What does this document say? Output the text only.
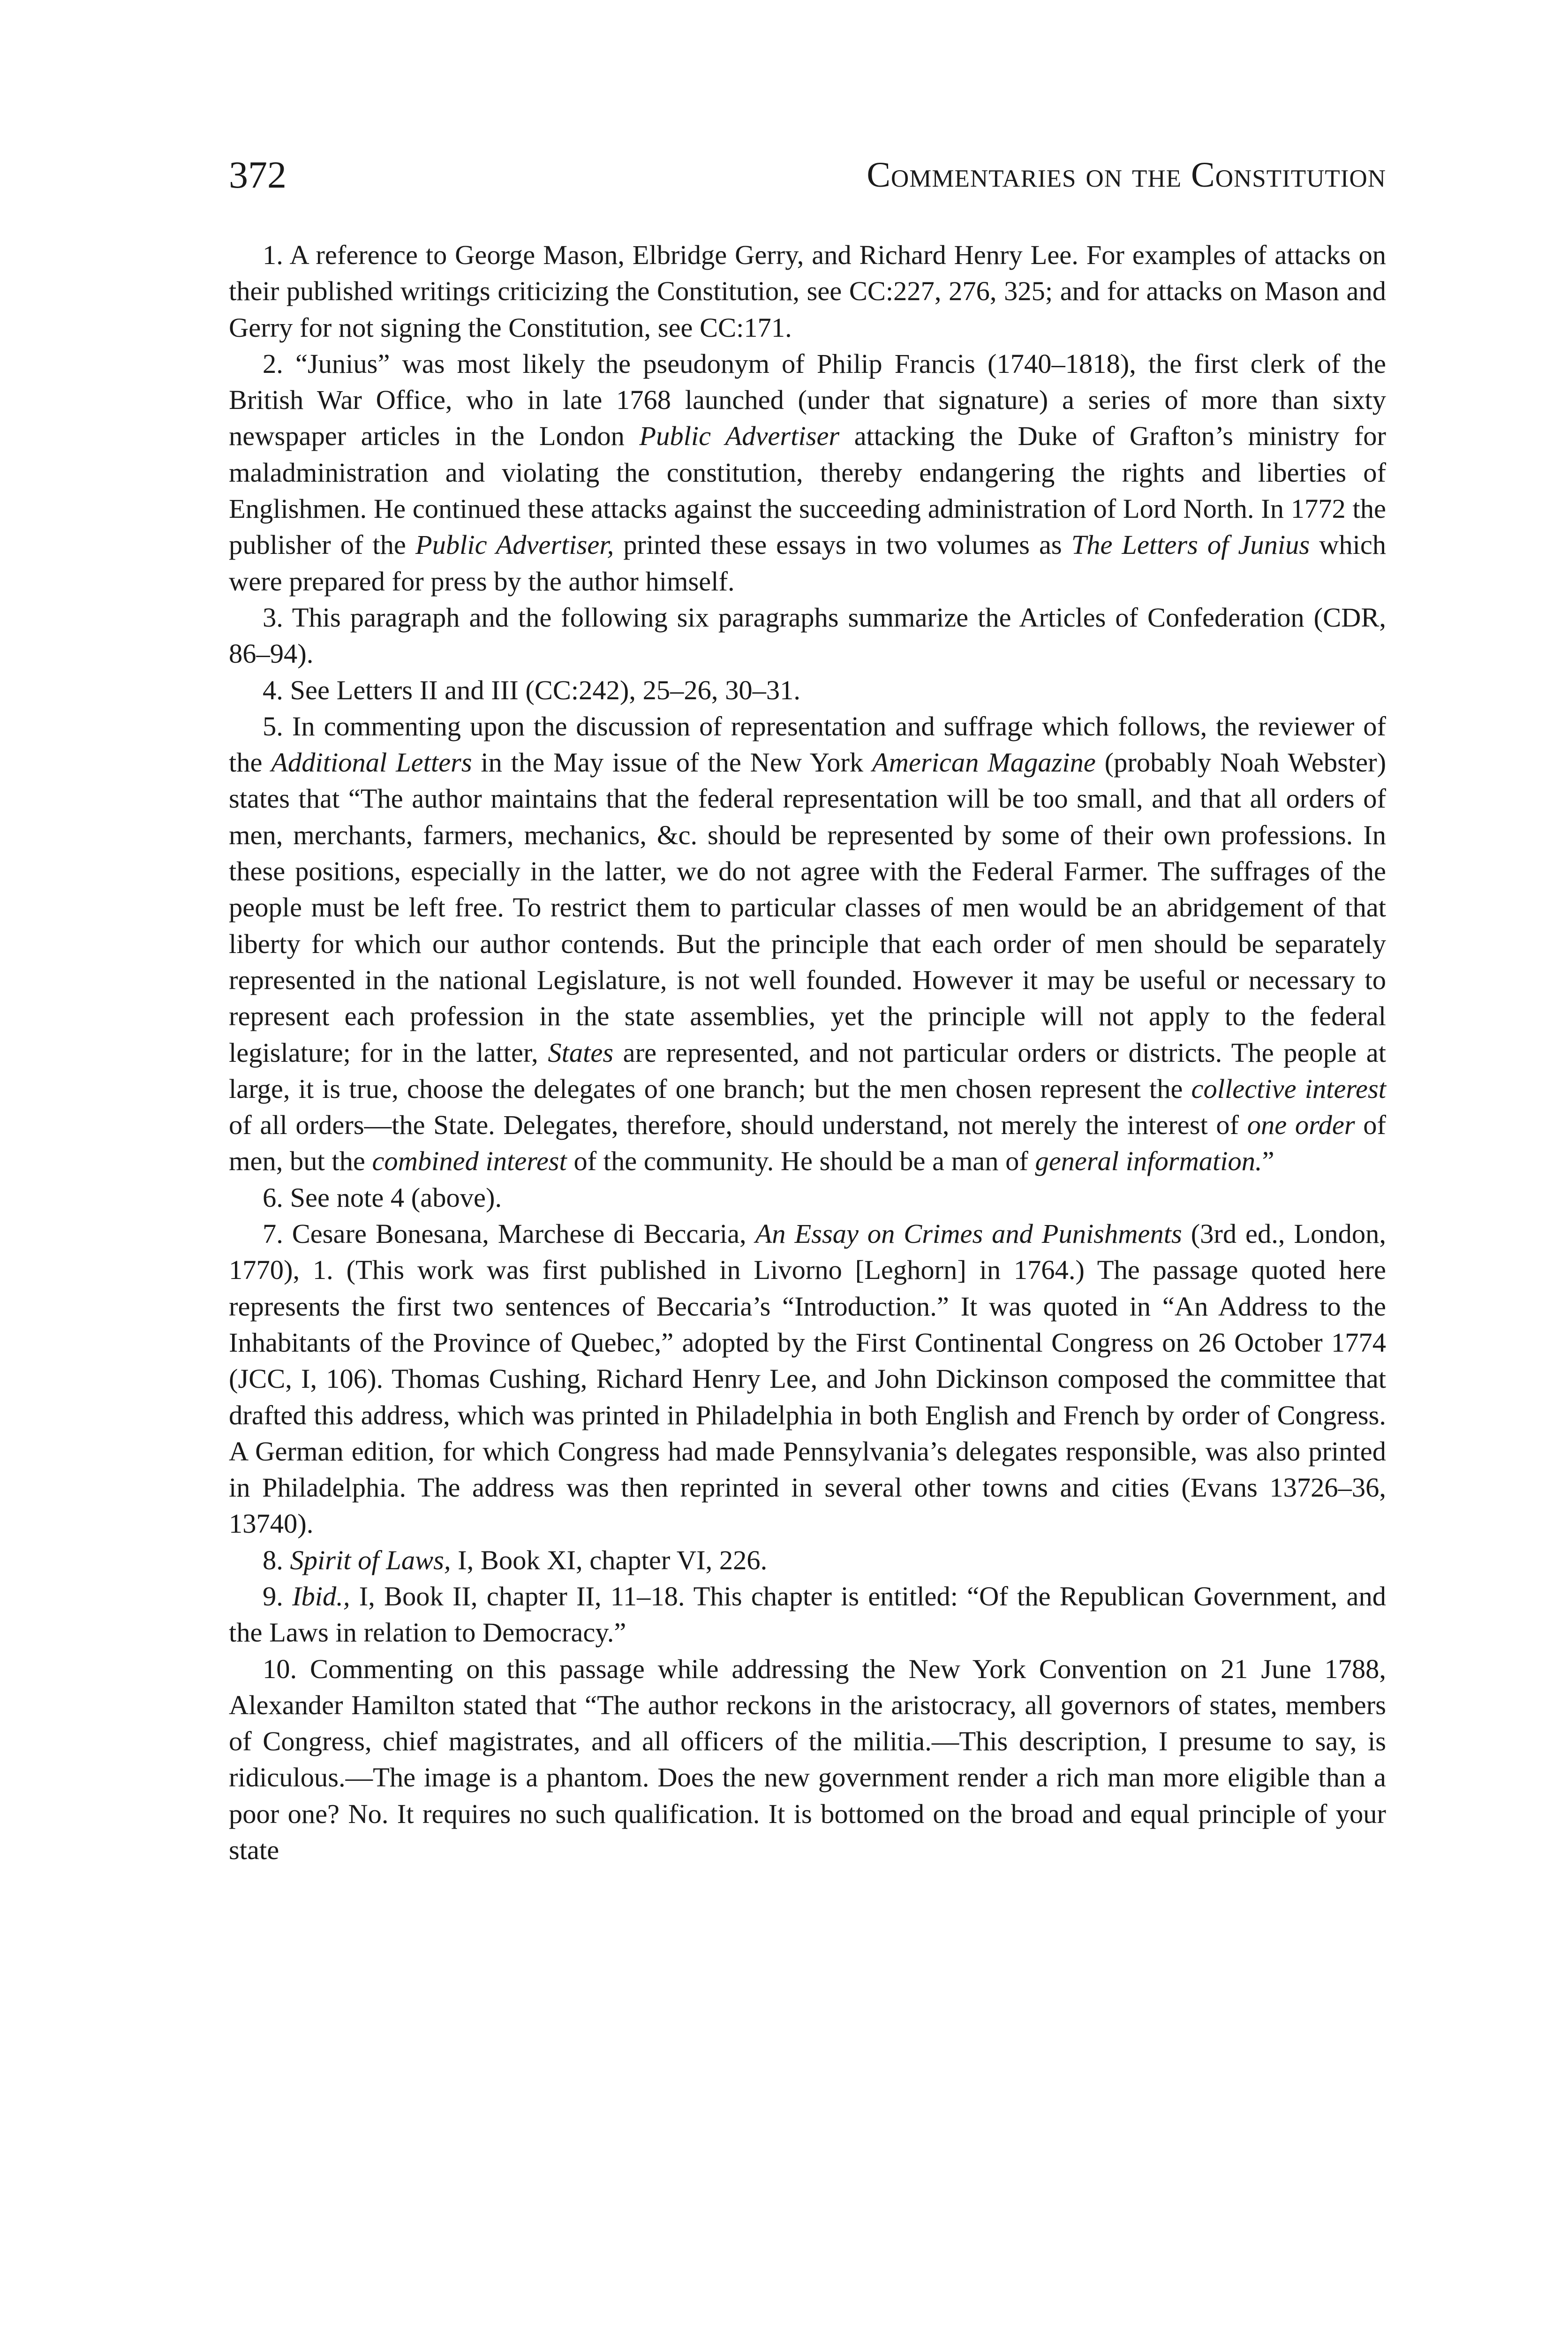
372	Commentaries on the Constitution

1. A reference to George Mason, Elbridge Gerry, and Richard Henry Lee. For examples of attacks on their published writings criticizing the Constitution, see CC:227, 276, 325; and for attacks on Mason and Gerry for not signing the Constitution, see CC:171.

2. “Junius” was most likely the pseudonym of Philip Francis (1740–1818), the first clerk of the British War Office, who in late 1768 launched (under that signature) a series of more than sixty newspaper articles in the London Public Advertiser attacking the Duke of Grafton’s ministry for maladministration and violating the constitution, thereby endangering the rights and liberties of Englishmen. He continued these attacks against the succeeding administration of Lord North. In 1772 the publisher of the Public Advertiser, printed these essays in two volumes as The Letters of Junius which were prepared for press by the author himself.

3. This paragraph and the following six paragraphs summarize the Articles of Confederation (CDR, 86–94).

4. See Letters II and III (CC:242), 25–26, 30–31.

5. In commenting upon the discussion of representation and suffrage which follows, the reviewer of the Additional Letters in the May issue of the New York American Magazine (probably Noah Webster) states that “The author maintains that the federal representation will be too small, and that all orders of men, merchants, farmers, mechanics, &c. should be represented by some of their own professions. In these positions, especially in the latter, we do not agree with the Federal Farmer. The suffrages of the people must be left free. To restrict them to particular classes of men would be an abridgement of that liberty for which our author contends. But the principle that each order of men should be separately represented in the national Legislature, is not well founded. However it may be useful or necessary to represent each profession in the state assemblies, yet the principle will not apply to the federal legislature; for in the latter, States are represented, and not particular orders or districts. The people at large, it is true, choose the delegates of one branch; but the men chosen represent the collective interest of all orders—the State. Delegates, therefore, should understand, not merely the interest of one order of men, but the combined interest of the community. He should be a man of general information.”

6. See note 4 (above).

7. Cesare Bonesana, Marchese di Beccaria, An Essay on Crimes and Punishments (3rd ed., London, 1770), 1. (This work was first published in Livorno [Leghorn] in 1764.) The passage quoted here represents the first two sentences of Beccaria’s “Introduction.” It was quoted in “An Address to the Inhabitants of the Province of Quebec,” adopted by the First Continental Congress on 26 October 1774 (JCC, I, 106). Thomas Cushing, Richard Henry Lee, and John Dickinson composed the committee that drafted this address, which was printed in Philadelphia in both English and French by order of Congress. A German edition, for which Congress had made Pennsylvania’s delegates responsible, was also printed in Philadelphia. The address was then reprinted in several other towns and cities (Evans 13726–36, 13740).

8. Spirit of Laws, I, Book XI, chapter VI, 226.

9. Ibid., I, Book II, chapter II, 11–18. This chapter is entitled: “Of the Republican Government, and the Laws in relation to Democracy.”

10. Commenting on this passage while addressing the New York Convention on 21 June 1788, Alexander Hamilton stated that “The author reckons in the aristocracy, all governors of states, members of Congress, chief magistrates, and all officers of the militia.—This description, I presume to say, is ridiculous.—The image is a phantom. Does the new government render a rich man more eligible than a poor one? No. It requires no such qualification. It is bottomed on the broad and equal principle of your state
